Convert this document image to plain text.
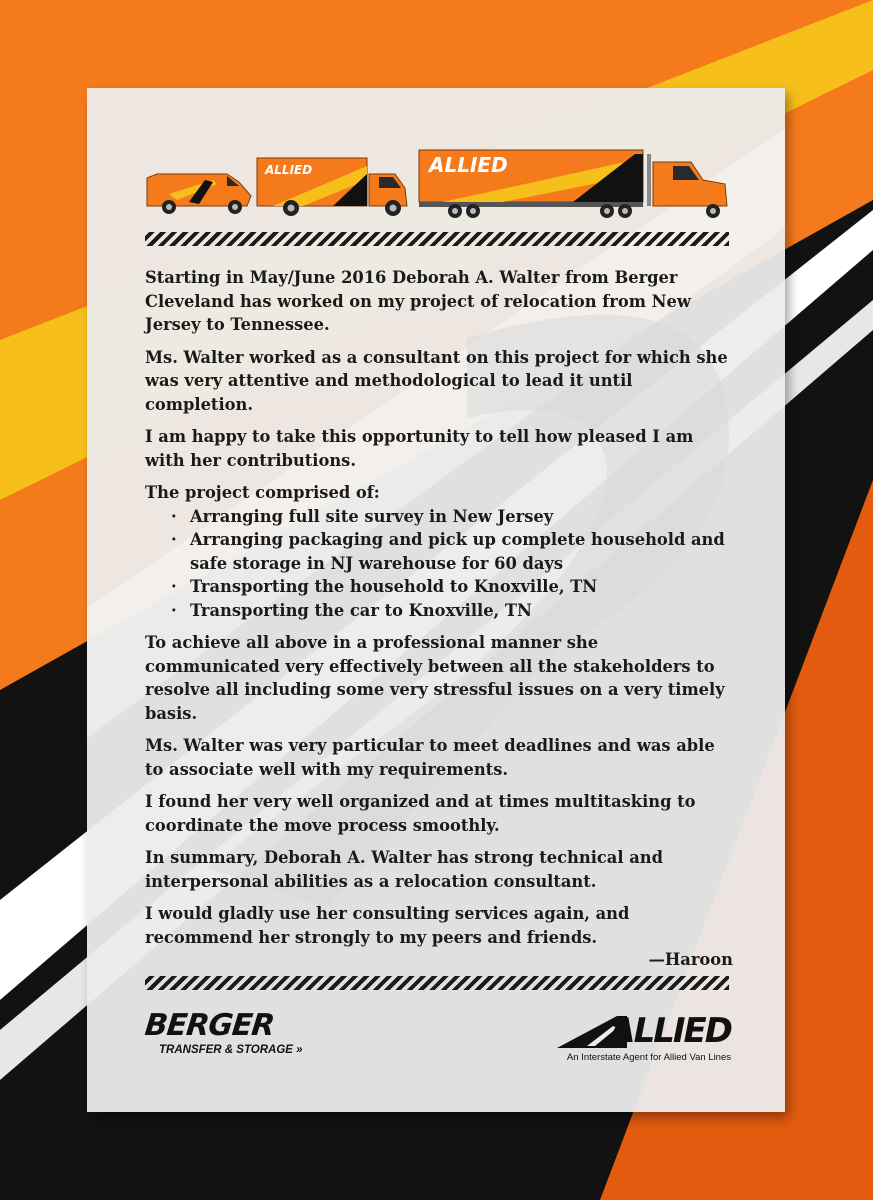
ALLIED	ALLIED

Starting in May/June 2016 Deborah A. Walter from Berger Cleveland has worked on my project of relocation from New Jersey to Tennessee.

Ms. Walter worked as a consultant on this project for which she was very attentive and methodological to lead it until completion.

I am happy to take this opportunity to tell how pleased I am with her contributions.

The project comprised of:

· Arranging full site survey in New Jersey
· Arranging packaging and pick up complete household and safe storage in NJ warehouse for 60 days
· Transporting the household to Knoxville, TN
· Transporting the car to Knoxville, TN

To achieve all above in a professional manner she communicated very effectively between all the stakeholders to resolve all including some very stressful issues on a very timely basis.

Ms. Walter was very particular to meet deadlines and was able to associate well with my requirements.

I found her very well organized and at times multitasking to coordinate the move process smoothly.

In summary, Deborah A. Walter has strong technical and interpersonal abilities as a relocation consultant.

I would gladly use her consulting services again, and recommend her strongly to my peers and friends.

—Haroon

BERGER
TRANSFER & STORAGE »	ALLIED
An Interstate Agent for Allied Van Lines
